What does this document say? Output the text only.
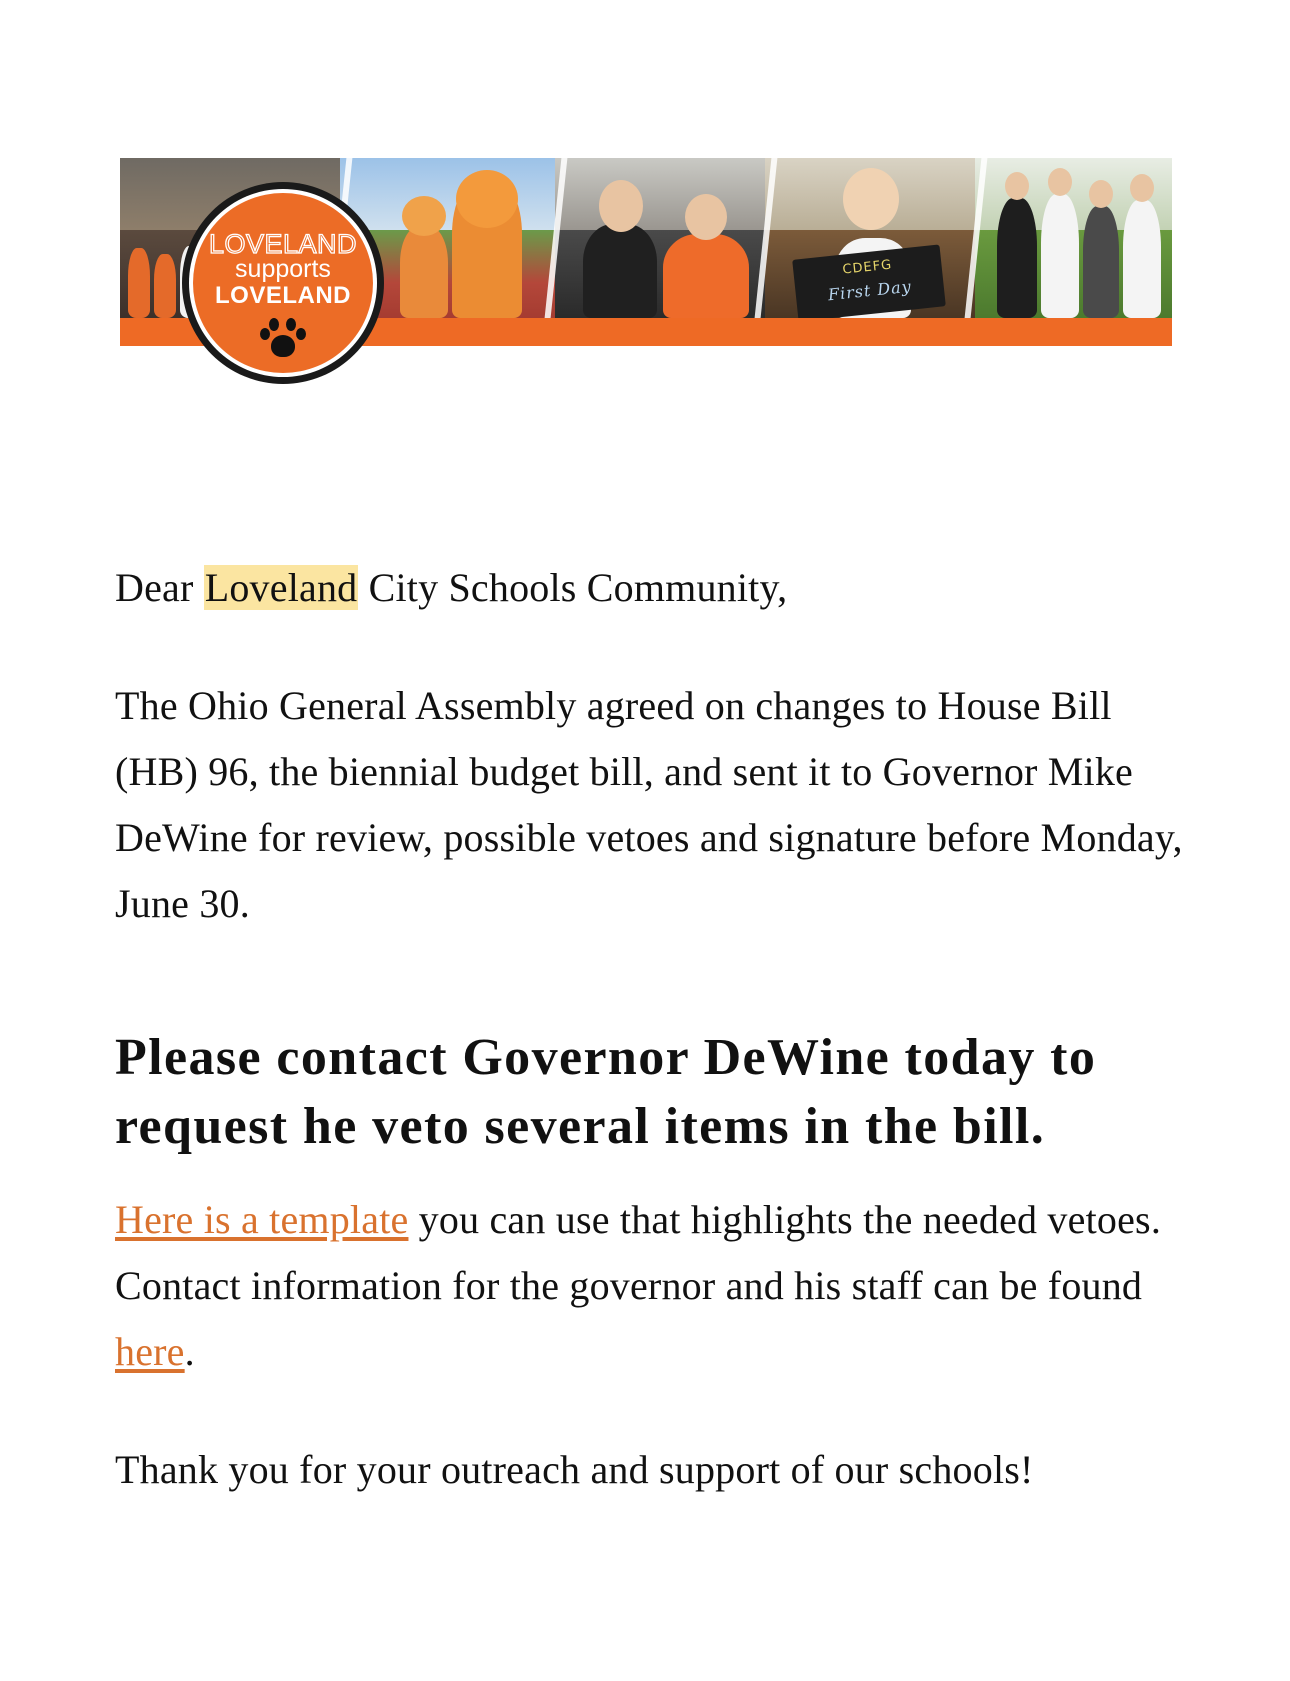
CDEFG
First Day
LOVELAND
supports
LOVELAND

Dear Loveland City Schools Community,

The Ohio General Assembly agreed on changes to House Bill (HB) 96, the biennial budget bill, and sent it to Governor Mike DeWine for review, possible vetoes and signature before Monday, June 30.

Please contact Governor DeWine today to request he veto several items in the bill.

Here is a template you can use that highlights the needed vetoes. Contact information for the governor and his staff can be found here.

Thank you for your outreach and support of our schools!
